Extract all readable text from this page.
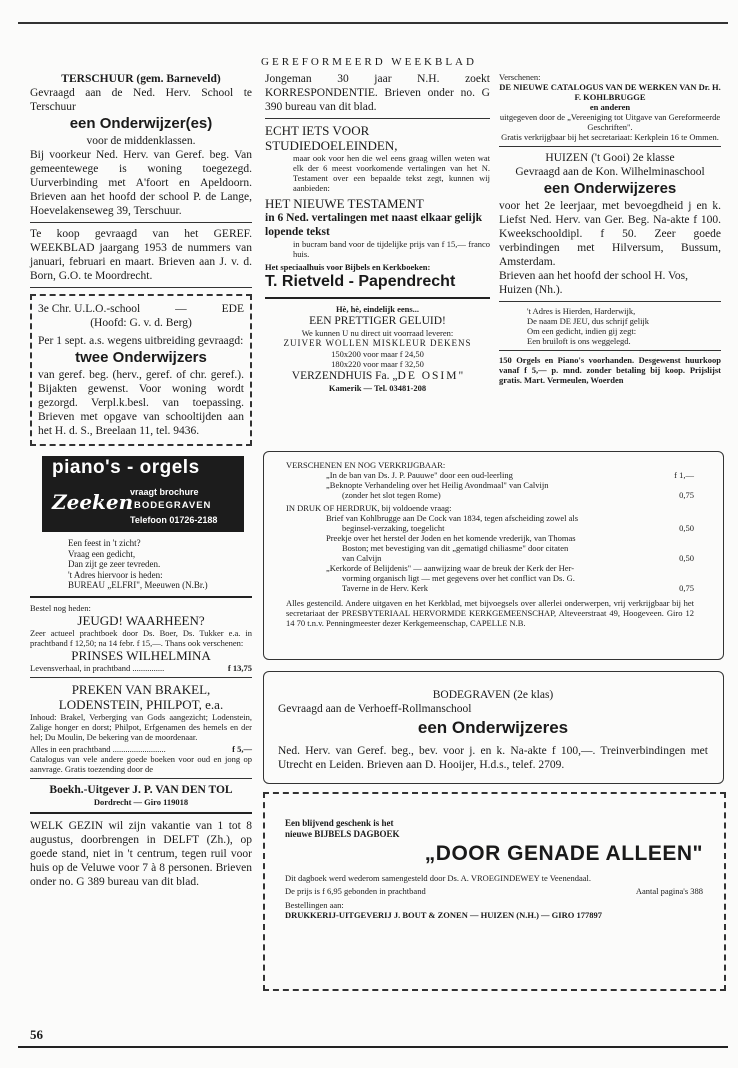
GEREFORMEERD WEEKBLAD
TERSCHUUR (gem. Barneveld)
Gevraagd aan de Ned. Herv. School te Terschuur
een Onderwijzer(es)
voor de middenklassen.
Bij voorkeur Ned. Herv. van Geref. beg. Van gemeentewege is woning toegezegd. Uurverbinding met A'foort en Apeldoorn. Brieven aan het hoofd der school P. de Lange, Hoevelakenseweg 39, Terschuur.
Te koop gevraagd van het GEREF. WEEKBLAD jaargang 1953 de nummers van januari, februari en maart. Brieven aan J. v. d. Born, G.O. te Moordrecht.
3e Chr. U.L.O.-school	—	EDE
(Hoofd: G. v. d. Berg)
Per 1 sept. a.s. wegens uitbreiding gevraagd:
twee Onderwijzers
van geref. beg. (herv., geref. of chr. geref.). Bijakten gewenst. Voor woning wordt gezorgd. Verpl.k.besl. van toepassing. Brieven met opgave van schooltijden aan het H. d. S., Breelaan 11, tel. 9436.
piano's - orgels
vraagt brochure
Zeeken BODEGRAVEN
Telefoon 01726-2188
Een feest in 't zicht?
Vraag een gedicht,
Dan zijt ge zeer tevreden.
't Adres hiervoor is heden:
BUREAU „ELFRI", Meeuwen (N.Br.)
Bestel nog heden:
JEUGD! WAARHEEN?
Zeer actueel prachtboek door Ds. Boer, Ds. Tukker e.a. in prachtband f 12,50; na 14 febr. f 15,—. Thans ook verschenen:
PRINSES WILHELMINA
Levensverhaal, in prachtband ...............	f 13,75
PREKEN VAN BRAKEL, LODENSTEIN, PHILPOT, e.a.
Inhoud: Brakel, Verberging van Gods aangezicht; Lodenstein, Zalige honger en dorst; Philpot, Erfgenamen des hemels en der hel; Du Moulin, De bekering van de moordenaar.
Alles in een prachtband .........................	f 5,—
Catalogus van vele andere goede boeken voor oud en jong op aanvrage. Gratis toezending door de
Boekh.-Uitgever J. P. VAN DEN TOL
Dordrecht — Giro 119018
WELK GEZIN wil zijn vakantie van 1 tot 8 augustus, doorbrengen in DELFT (Zh.), op goede stand, niet in 't centrum, tegen ruil voor huis op de Veluwe voor 7 à 8 personen. Brieven onder no. G 389 bureau van dit blad.
Jongeman 30 jaar N.H. zoekt KORRESPONDENTIE. Brieven onder no. G 390 bureau van dit blad.
ECHT IETS VOOR STUDIEDOELEINDEN,
maar ook voor hen die wel eens graag willen weten wat elk der 6 meest voorkomende vertalingen van het N. Testament over een bepaalde tekst zegt, kunnen wij aanbieden:
HET NIEUWE TESTAMENT
in 6 Ned. vertalingen met naast elkaar gelijk lopende tekst
in bucram band voor de tijdelijke prijs van f 15,— franco huis.
Het speciaalhuis voor Bijbels en Kerkboeken:
T. Rietveld - Papendrecht
Hè, hè, eindelijk eens...
EEN PRETTIGER GELUID!
We kunnen U nu direct uit voorraad leveren:
ZUIVER WOLLEN MISKLEUR DEKENS
150x200 voor maar f 24,50
180x220 voor maar f 32,50
VERZENDHUIS Fa. „DE OSIM"
Kamerik — Tel. 03481-208
Verschenen:
DE NIEUWE CATALOGUS VAN DE WERKEN VAN Dr. H. F. KOHLBRUGGE
en anderen
uitgegeven door de „Vereeniging tot Uitgave van Gereformeerde Geschriften".
Gratis verkrijgbaar bij het secretariaat: Kerkplein 16 te Ommen.
HUIZEN ('t Gooi) 2e klasse
Gevraagd aan de Kon. Wilhelminaschool
een Onderwijzeres
voor het 2e leerjaar, met bevoegdheid j en k. Liefst Ned. Herv. van Ger. Beg. Na-akte f 100. Kweekschooldipl. f 50. Zeer goede verbindingen met Hilversum, Bussum, Amsterdam.
Brieven aan het hoofd der school H. Vos, Huizen (Nh.).
't Adres is Hierden, Harderwijk,
De naam DE JEU, dus schrijf gelijk
Om een gedicht, indien gij zegt:
Een bruiloft is ons weggelegd.
150 Orgels en Piano's voorhanden. Desgewenst huurkoop vanaf f 5,— p. mnd. zonder betaling bij koop. Prijslijst gratis. Mart. Vermeulen, Woerden
VERSCHENEN EN NOG VERKRIJGBAAR:
„In de ban van Ds. J. P. Pauuwe" door een oud-leerling	f 1,—
„Beknopte Verhandeling over het Heilig Avondmaal" van Calvijn
(zonder het slot tegen Rome)	0,75
IN DRUK OF HERDRUK, bij voldoende vraag:
Brief van Kohlbrugge aan De Cock van 1834, tegen afscheiding zowel als
beginsel-verzaking, toegelicht	0,50
Preekje over het herstel der Joden en het komende vrederijk, van Thomas
Boston; met bevestiging van dit „gematigd chiliasme" door citaten
van Calvijn	0,50
„Kerkorde of Belijdenis" — aanwijzing waar de breuk der Kerk der Her-
vorming organisch ligt — met gegevens over het conflict van Ds. G.
Taverne in de Herv. Kerk	0,75
Alles gestencild. Andere uitgaven en het Kerkblad, met bijvoegsels over allerlei onderwerpen, vrij verkrijgbaar bij het secretariaat der PRESBYTERIAAL HERVORMDE KERKGEMEENSCHAP, Alteveerstraat 49, Hoogeveen. Giro 12 14 70 t.n.v. Penningmeester dezer Kerkgemeenschap, CAPELLE N.B.
BODEGRAVEN (2e klas)
Gevraagd aan de Verhoeff-Rollmanschool
een Onderwijzeres
Ned. Herv. van Geref. beg., bev. voor j. en k. Na-akte f 100,—. Treinverbindingen met Utrecht en Leiden. Brieven aan D. Hooijer, H.d.s., telef. 2709.
Een blijvend geschenk is het
nieuwe BIJBELS DAGBOEK
„DOOR GENADE ALLEEN"
Dit dagboek werd wederom samengesteld door Ds. A. VROEGINDEWEY te Veenendaal.
De prijs is f 6,95 gebonden in prachtband	Aantal pagina's 388
Bestellingen aan:
DRUKKERIJ-UITGEVERIJ J. BOUT & ZONEN — HUIZEN (N.H.) — GIRO 177897
56
